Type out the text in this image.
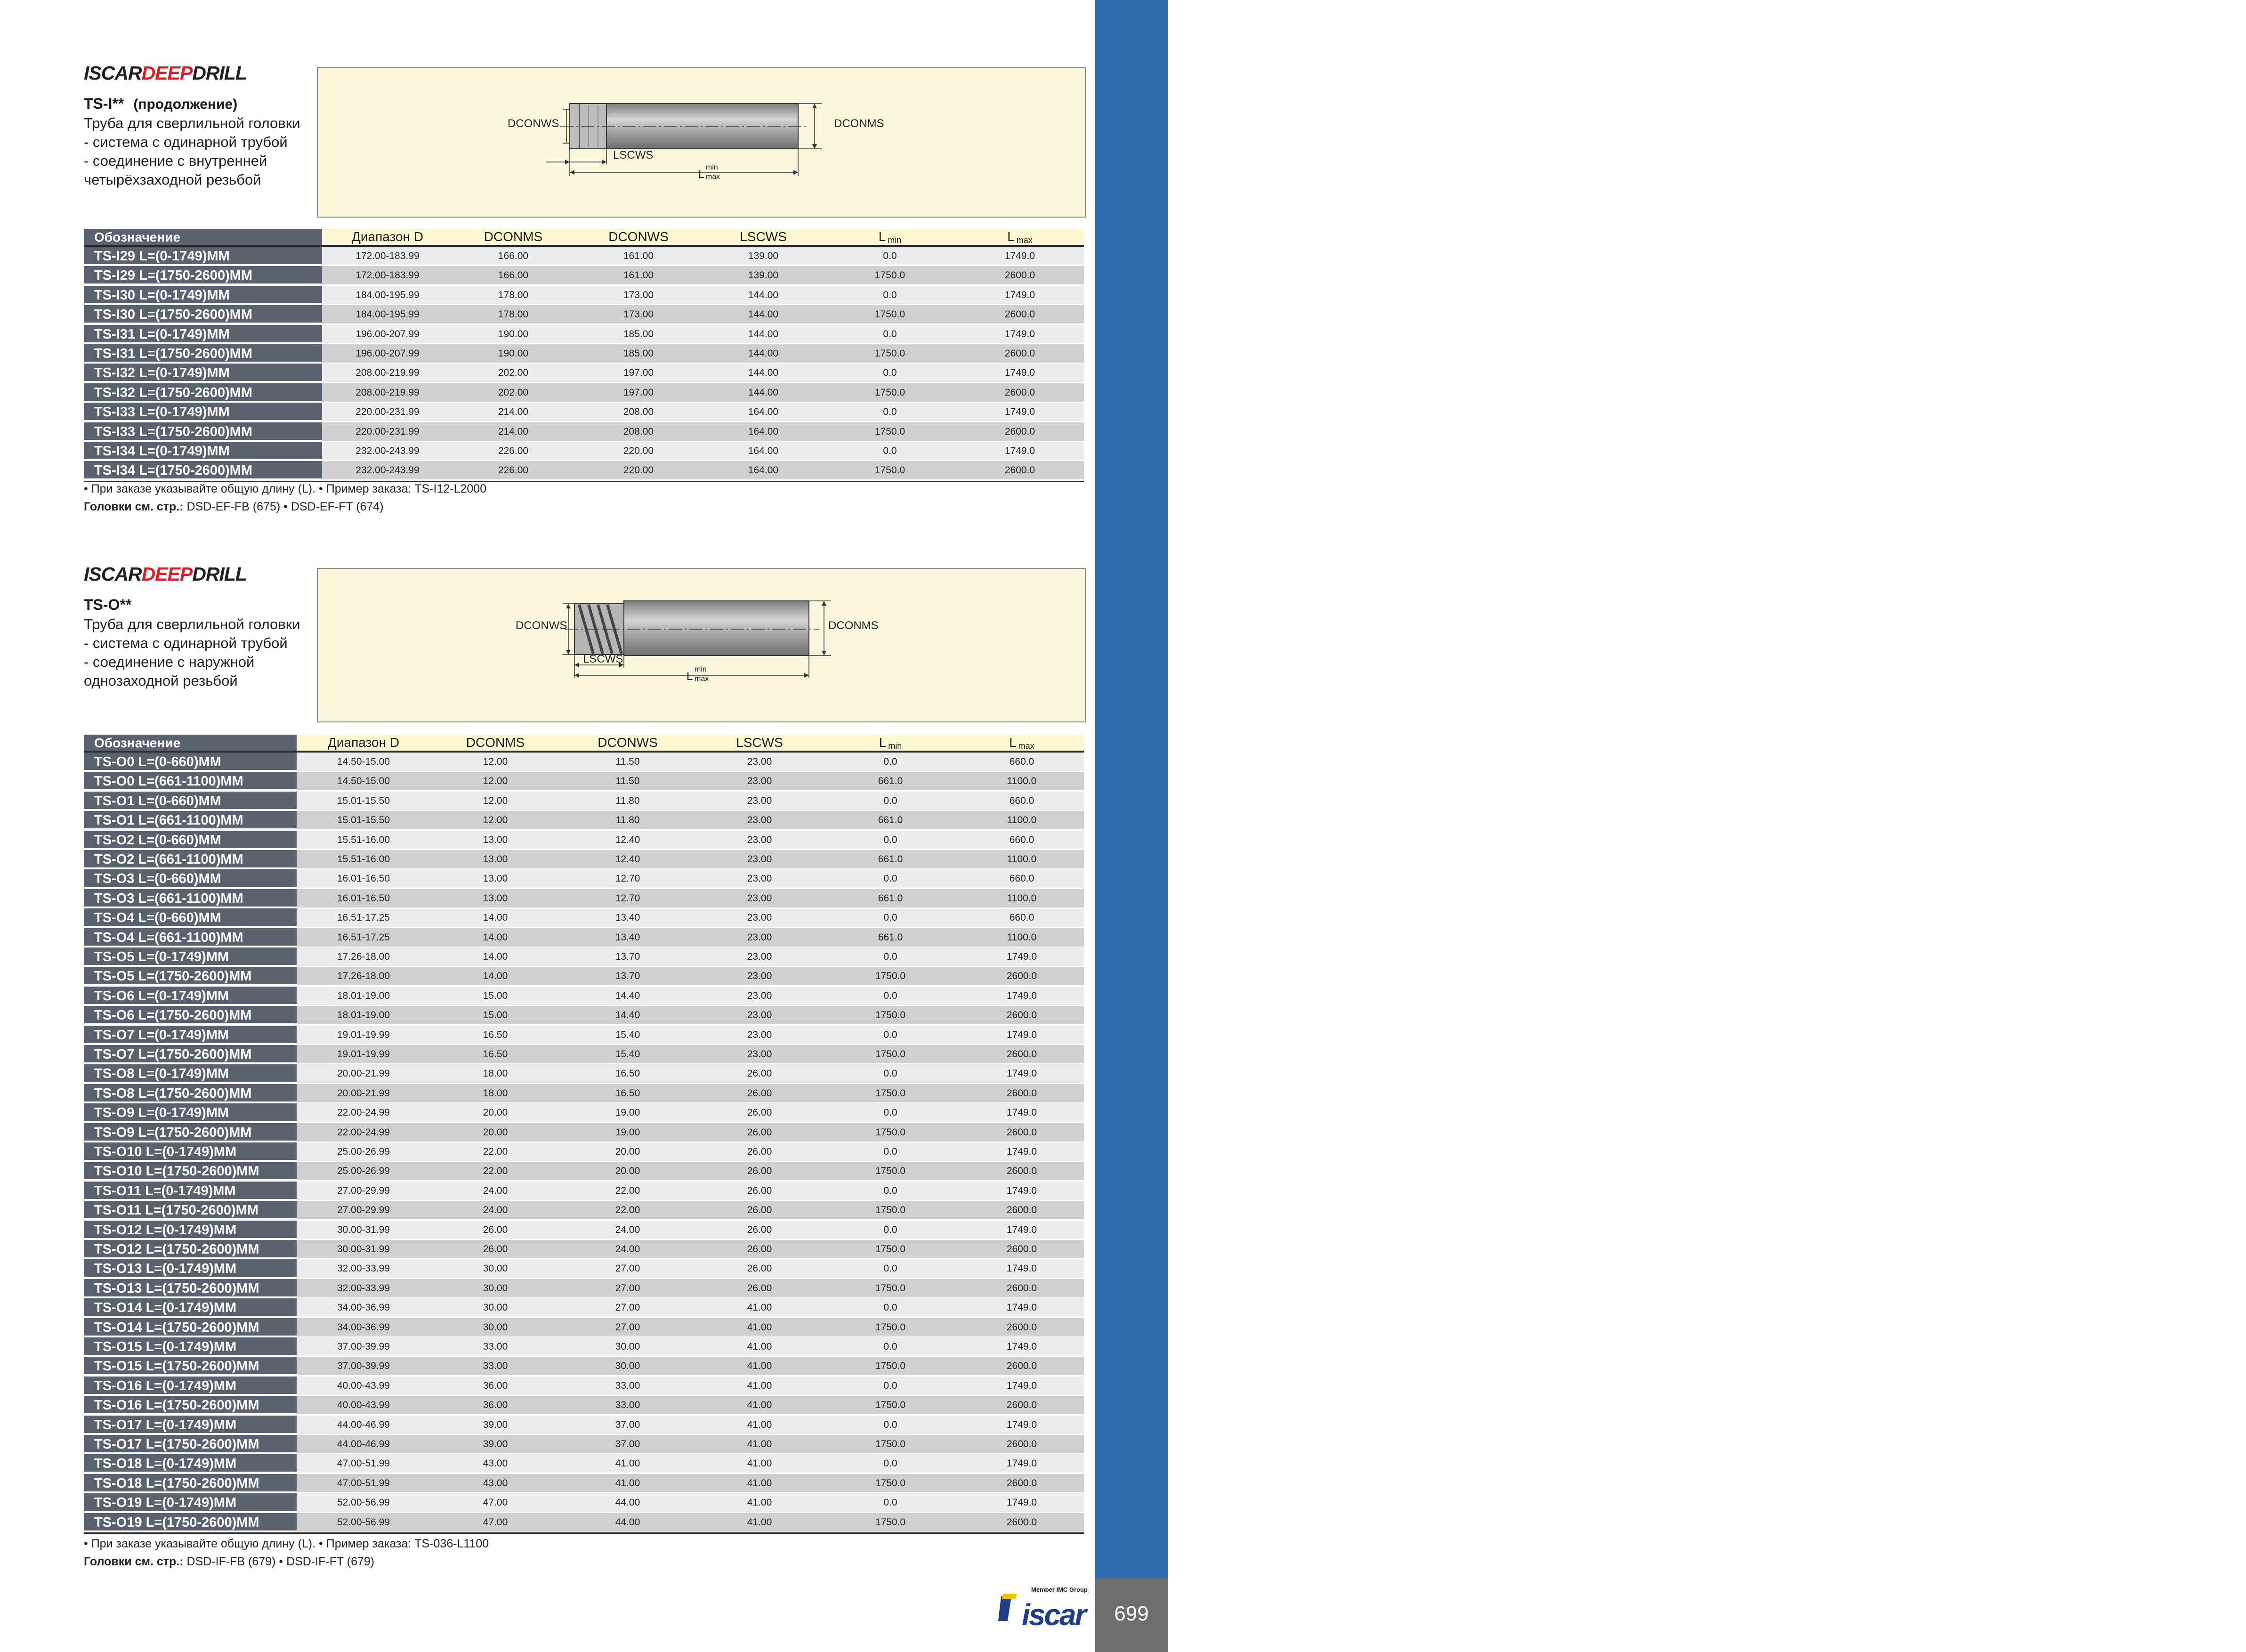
СВЁРЛА ДЛЯ ГЛУБОКОГО СВЕРЛЕНИЯ
699
ISCARDEEPDRILL
TS-I** (продолжение)
Труба для сверлильной головки
- система с одинарной трубой
- соединение с внутренней
четырёхзаходной резьбой
DCONWS	DCONMS
LSCWS
L
min
max
Обозначение	Диапазон D	DCONMS	DCONWS	LSCWS	L $_{min}$	L $_{max}$
TS-I29 L=(0-1749)MM	172.00-183.99	166.00	161.00	139.00	0.0	1749.0
TS-I29 L=(1750-2600)MM	172.00-183.99	166.00	161.00	139.00	1750.0	2600.0
TS-I30 L=(0-1749)MM	184.00-195.99	178.00	173.00	144.00	0.0	1749.0
TS-I30 L=(1750-2600)MM	184.00-195.99	178.00	173.00	144.00	1750.0	2600.0
TS-I31 L=(0-1749)MM	196.00-207.99	190.00	185.00	144.00	0.0	1749.0
TS-I31 L=(1750-2600)MM	196.00-207.99	190.00	185.00	144.00	1750.0	2600.0
TS-I32 L=(0-1749)MM	208.00-219.99	202.00	197.00	144.00	0.0	1749.0
TS-I32 L=(1750-2600)MM	208.00-219.99	202.00	197.00	144.00	1750.0	2600.0
TS-I33 L=(0-1749)MM	220.00-231.99	214.00	208.00	164.00	0.0	1749.0
TS-I33 L=(1750-2600)MM	220.00-231.99	214.00	208.00	164.00	1750.0	2600.0
TS-I34 L=(0-1749)MM	232.00-243.99	226.00	220.00	164.00	0.0	1749.0
TS-I34 L=(1750-2600)MM	232.00-243.99	226.00	220.00	164.00	1750.0	2600.0
• При заказе указывайте общую длину (L). • Пример заказа: TS-I12-L2000
Головки см. стр.: DSD-EF-FB (675) • DSD-EF-FT (674)
ISCARDEEPDRILL
TS-O**
Труба для сверлильной головки
- система с одинарной трубой
- соединение с наружной
однозаходной резьбой
DCONWS	DCONMS
LSCWS
L
min
max
Обозначение	Диапазон D	DCONMS	DCONWS	LSCWS	L $_{min}$	L $_{max}$
TS-O0 L=(0-660)MM	14.50-15.00	12.00	11.50	23.00	0.0	660.0
TS-O0 L=(661-1100)MM	14.50-15.00	12.00	11.50	23.00	661.0	1100.0
TS-O1 L=(0-660)MM	15.01-15.50	12.00	11.80	23.00	0.0	660.0
TS-O1 L=(661-1100)MM	15.01-15.50	12.00	11.80	23.00	661.0	1100.0
TS-O2 L=(0-660)MM	15.51-16.00	13.00	12.40	23.00	0.0	660.0
TS-O2 L=(661-1100)MM	15.51-16.00	13.00	12.40	23.00	661.0	1100.0
TS-O3 L=(0-660)MM	16.01-16.50	13.00	12.70	23.00	0.0	660.0
TS-O3 L=(661-1100)MM	16.01-16.50	13.00	12.70	23.00	661.0	1100.0
TS-O4 L=(0-660)MM	16.51-17.25	14.00	13.40	23.00	0.0	660.0
TS-O4 L=(661-1100)MM	16.51-17.25	14.00	13.40	23.00	661.0	1100.0
TS-O5 L=(0-1749)MM	17.26-18.00	14.00	13.70	23.00	0.0	1749.0
TS-O5 L=(1750-2600)MM	17.26-18.00	14.00	13.70	23.00	1750.0	2600.0
TS-O6 L=(0-1749)MM	18.01-19.00	15.00	14.40	23.00	0.0	1749.0
TS-O6 L=(1750-2600)MM	18.01-19.00	15.00	14.40	23.00	1750.0	2600.0
TS-O7 L=(0-1749)MM	19.01-19.99	16.50	15.40	23.00	0.0	1749.0
TS-O7 L=(1750-2600)MM	19.01-19.99	16.50	15.40	23.00	1750.0	2600.0
TS-O8 L=(0-1749)MM	20.00-21.99	18.00	16.50	26.00	0.0	1749.0
TS-O8 L=(1750-2600)MM	20.00-21.99	18.00	16.50	26.00	1750.0	2600.0
TS-O9 L=(0-1749)MM	22.00-24.99	20.00	19.00	26.00	0.0	1749.0
TS-O9 L=(1750-2600)MM	22.00-24.99	20.00	19.00	26.00	1750.0	2600.0
TS-O10 L=(0-1749)MM	25.00-26.99	22.00	20.00	26.00	0.0	1749.0
TS-O10 L=(1750-2600)MM	25.00-26.99	22.00	20.00	26.00	1750.0	2600.0
TS-O11 L=(0-1749)MM	27.00-29.99	24.00	22.00	26.00	0.0	1749.0
TS-O11 L=(1750-2600)MM	27.00-29.99	24.00	22.00	26.00	1750.0	2600.0
TS-O12 L=(0-1749)MM	30.00-31.99	26.00	24.00	26.00	0.0	1749.0
TS-O12 L=(1750-2600)MM	30.00-31.99	26.00	24.00	26.00	1750.0	2600.0
TS-O13 L=(0-1749)MM	32.00-33.99	30.00	27.00	26.00	0.0	1749.0
TS-O13 L=(1750-2600)MM	32.00-33.99	30.00	27.00	26.00	1750.0	2600.0
TS-O14 L=(0-1749)MM	34.00-36.99	30.00	27.00	41.00	0.0	1749.0
TS-O14 L=(1750-2600)MM	34.00-36.99	30.00	27.00	41.00	1750.0	2600.0
TS-O15 L=(0-1749)MM	37.00-39.99	33.00	30.00	41.00	0.0	1749.0
TS-O15 L=(1750-2600)MM	37.00-39.99	33.00	30.00	41.00	1750.0	2600.0
TS-O16 L=(0-1749)MM	40.00-43.99	36.00	33.00	41.00	0.0	1749.0
TS-O16 L=(1750-2600)MM	40.00-43.99	36.00	33.00	41.00	1750.0	2600.0
TS-O17 L=(0-1749)MM	44.00-46.99	39.00	37.00	41.00	0.0	1749.0
TS-O17 L=(1750-2600)MM	44.00-46.99	39.00	37.00	41.00	1750.0	2600.0
TS-O18 L=(0-1749)MM	47.00-51.99	43.00	41.00	41.00	0.0	1749.0
TS-O18 L=(1750-2600)MM	47.00-51.99	43.00	41.00	41.00	1750.0	2600.0
TS-O19 L=(0-1749)MM	52.00-56.99	47.00	44.00	41.00	0.0	1749.0
TS-O19 L=(1750-2600)MM	52.00-56.99	47.00	44.00	41.00	1750.0	2600.0
• При заказе указывайте общую длину (L). • Пример заказа: TS-036-L1100
Головки см. стр.: DSD-IF-FB (679) • DSD-IF-FT (679)
Member IMC Group
iscar
